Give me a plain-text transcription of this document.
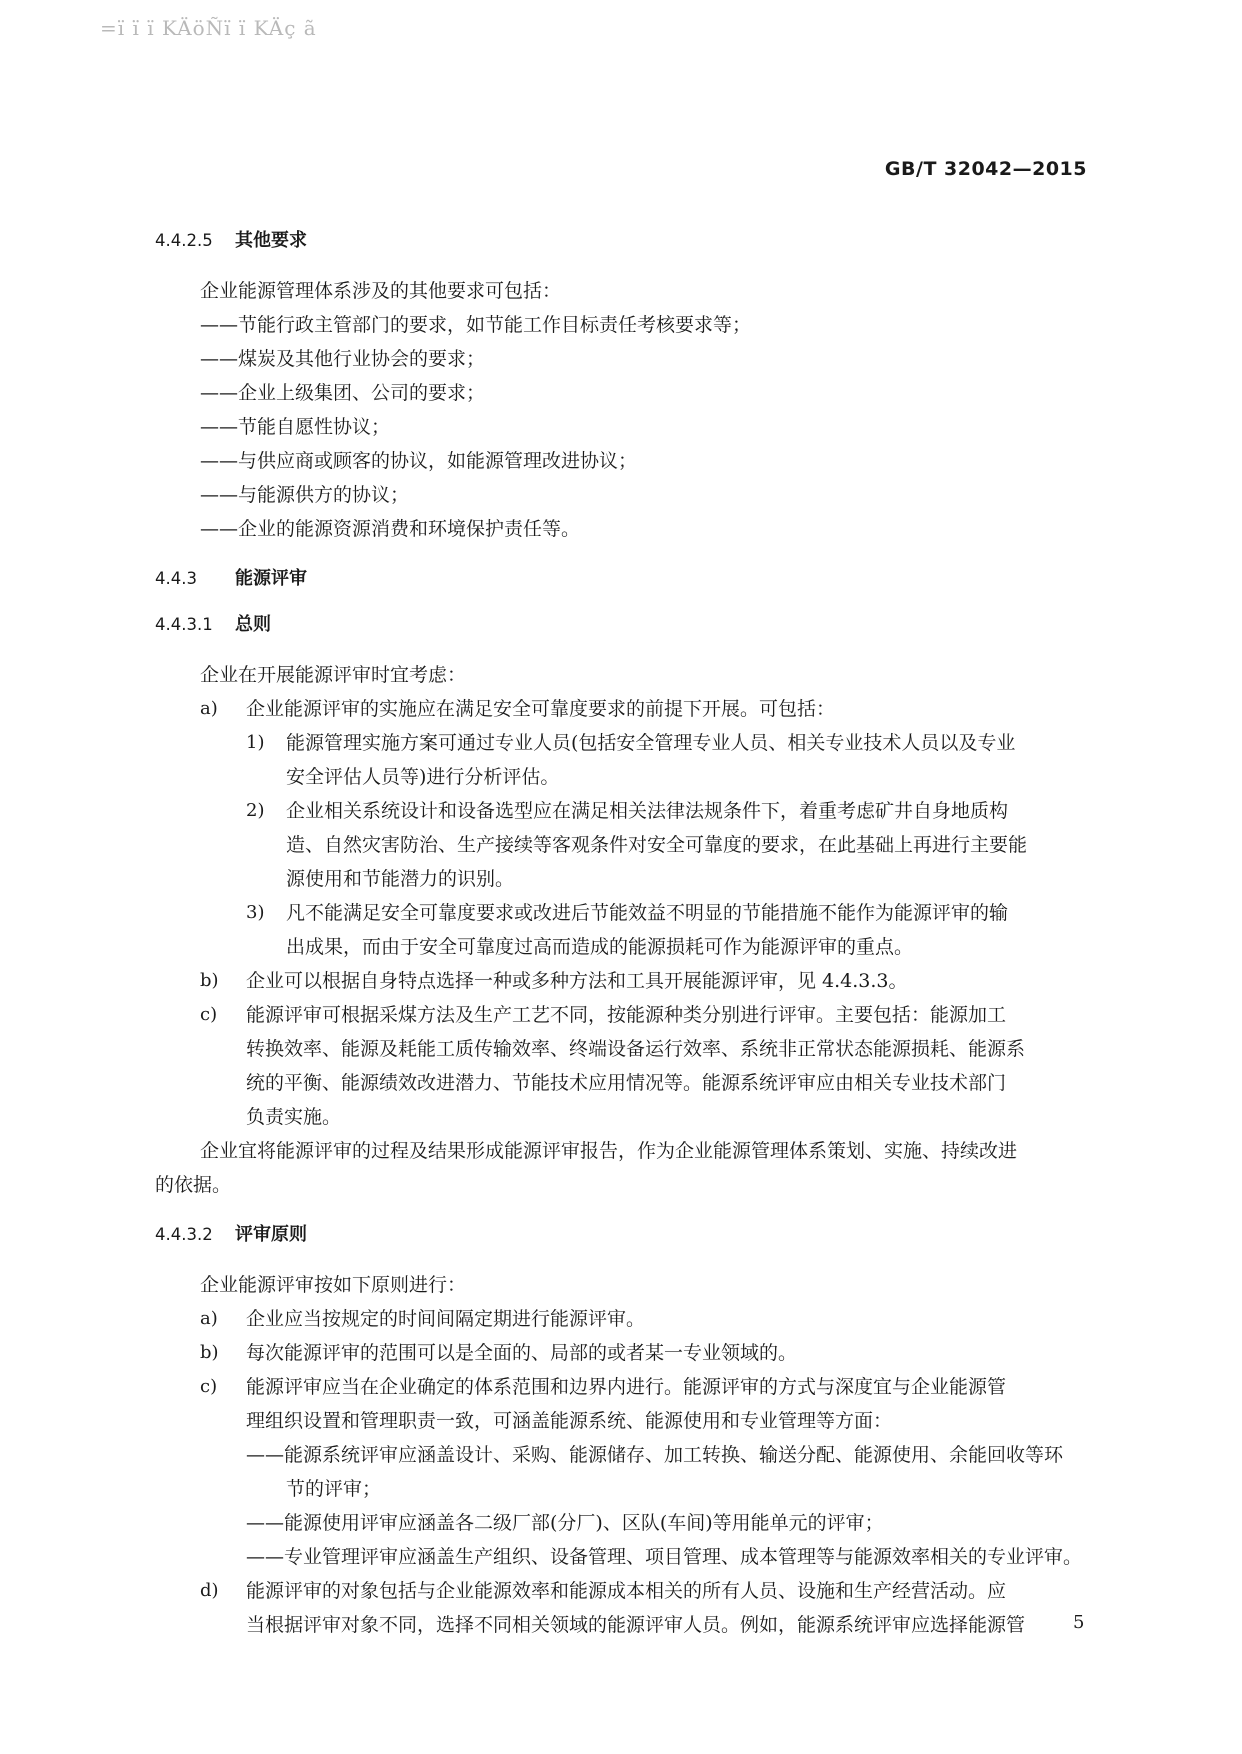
=ï ï ï KÄöÑï ï KÄç ã
GB/T 32042—2015
4.4.2.5 其他要求
企业能源管理体系涉及的其他要求可包括：
——节能行政主管部门的要求，如节能工作目标责任考核要求等；
——煤炭及其他行业协会的要求；
——企业上级集团、公司的要求；
——节能自愿性协议；
——与供应商或顾客的协议，如能源管理改进协议；
——与能源供方的协议；
——企业的能源资源消费和环境保护责任等。
4.4.3 能源评审
4.4.3.1 总则
企业在开展能源评审时宜考虑：
a) 企业能源评审的实施应在满足安全可靠度要求的前提下开展。可包括：
1) 能源管理实施方案可通过专业人员(包括安全管理专业人员、相关专业技术人员以及专业
安全评估人员等)进行分析评估。
2) 企业相关系统设计和设备选型应在满足相关法律法规条件下，着重考虑矿井自身地质构
造、自然灾害防治、生产接续等客观条件对安全可靠度的要求，在此基础上再进行主要能
源使用和节能潜力的识别。
3) 凡不能满足安全可靠度要求或改进后节能效益不明显的节能措施不能作为能源评审的输
出成果，而由于安全可靠度过高而造成的能源损耗可作为能源评审的重点。
b) 企业可以根据自身特点选择一种或多种方法和工具开展能源评审，见 4.4.3.3。
c) 能源评审可根据采煤方法及生产工艺不同，按能源种类分别进行评审。主要包括：能源加工
转换效率、能源及耗能工质传输效率、终端设备运行效率、系统非正常状态能源损耗、能源系
统的平衡、能源绩效改进潜力、节能技术应用情况等。能源系统评审应由相关专业技术部门
负责实施。
企业宜将能源评审的过程及结果形成能源评审报告，作为企业能源管理体系策划、实施、持续改进
的依据。
4.4.3.2 评审原则
企业能源评审按如下原则进行：
a) 企业应当按规定的时间间隔定期进行能源评审。
b) 每次能源评审的范围可以是全面的、局部的或者某一专业领域的。
c) 能源评审应当在企业确定的体系范围和边界内进行。能源评审的方式与深度宜与企业能源管
理组织设置和管理职责一致，可涵盖能源系统、能源使用和专业管理等方面：
——能源系统评审应涵盖设计、采购、能源储存、加工转换、输送分配、能源使用、余能回收等环
节的评审；
——能源使用评审应涵盖各二级厂部(分厂)、区队(车间)等用能单元的评审；
——专业管理评审应涵盖生产组织、设备管理、项目管理、成本管理等与能源效率相关的专业评审。
d) 能源评审的对象包括与企业能源效率和能源成本相关的所有人员、设施和生产经营活动。应
当根据评审对象不同，选择不同相关领域的能源评审人员。例如，能源系统评审应选择能源管	5
